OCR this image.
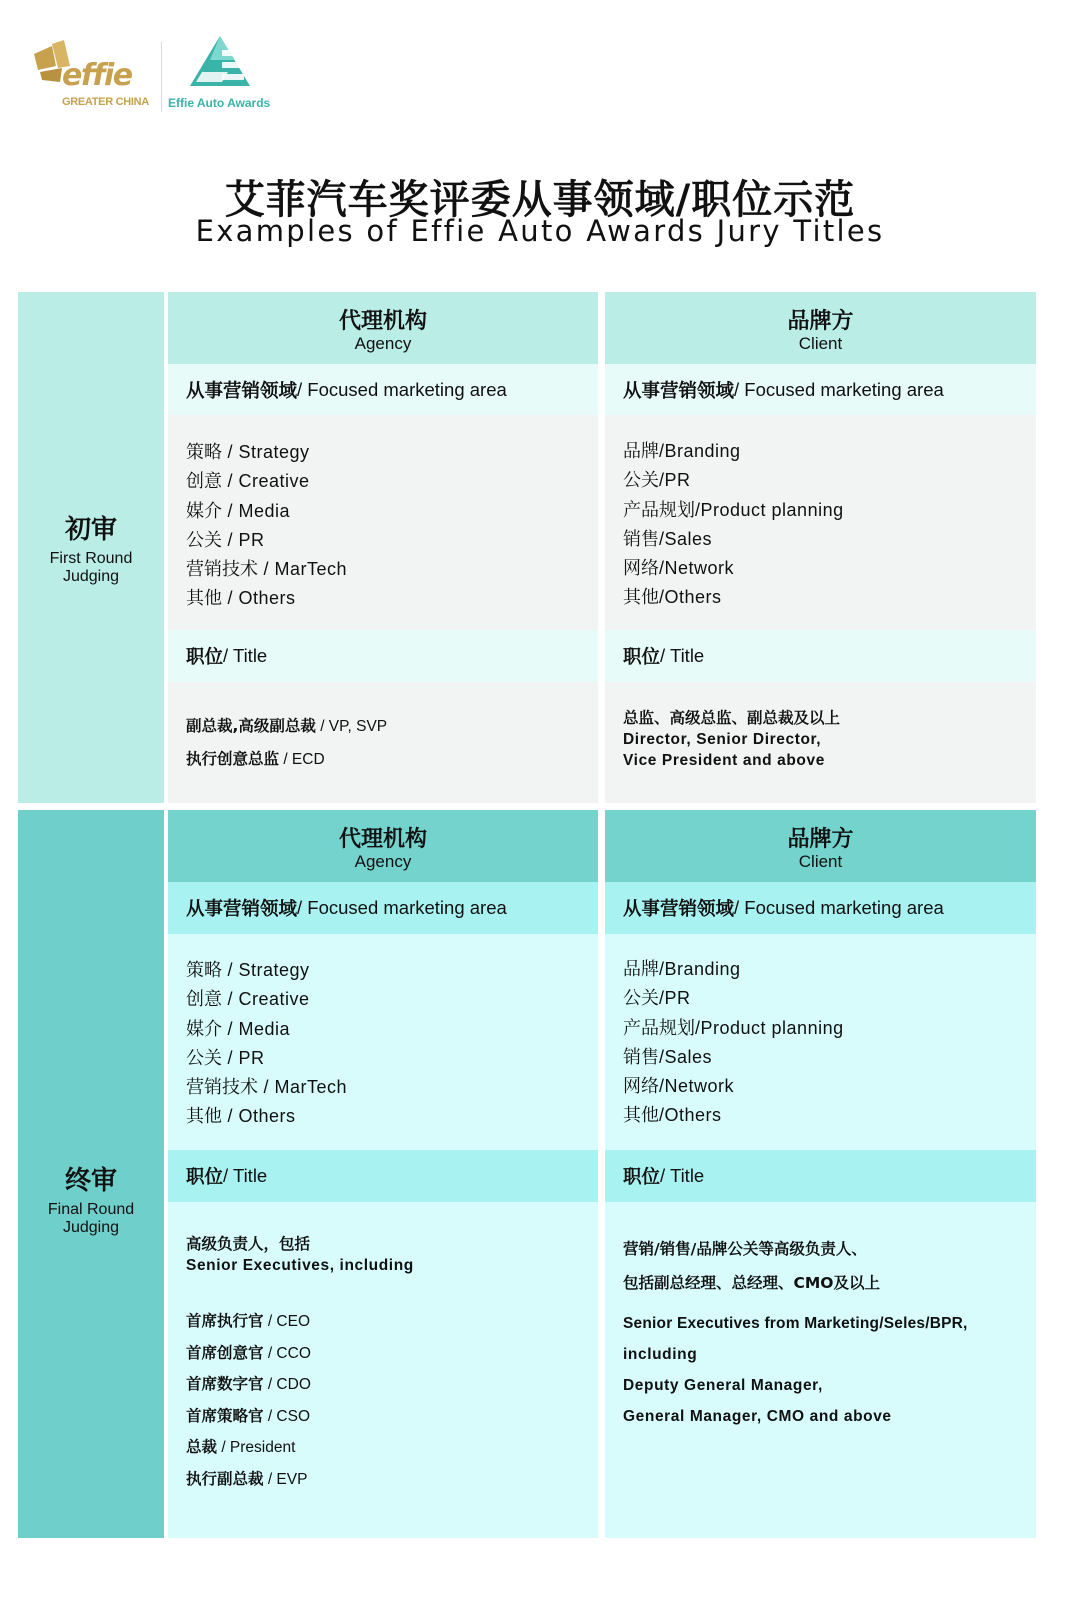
effie
GREATER CHINA Effie Auto Awards
艾菲汽车奖评委从事领域/职位示范
Examples of Effie Auto Awards Jury Titles
初审
First Round
Judging
代理机构
Agency
从事营销领域 / Focused marketing area
策略 / Strategy
创意 / Creative
媒介 / Media
公关 / PR
营销技术 / MarTech
其他 / Others
职位 / Title
副总裁,高级副总裁 / VP, SVP
执行创意总监 / ECD
品牌方
Client
从事营销领域 / Focused marketing area
品牌/Branding
公关/PR
产品规划/Product planning
销售/Sales
网络/Network
其他/Others
职位 / Title
总监、高级总监、副总裁及以上
Director, Senior Director,
Vice President and above
终审
Final Round
Judging
代理机构
Agency
从事营销领域 / Focused marketing area
策略 / Strategy
创意 / Creative
媒介 / Media
公关 / PR
营销技术 / MarTech
其他 / Others
职位 / Title
高级负责人，包括
Senior Executives, including
首席执行官 / CEO
首席创意官 / CCO
首席数字官 / CDO
首席策略官 / CSO
总裁 / President
执行副总裁 / EVP
品牌方
Client
从事营销领域 / Focused marketing area
品牌/Branding
公关/PR
产品规划/Product planning
销售/Sales
网络/Network
其他/Others
职位 / Title
营销/销售/品牌公关等高级负责人、
包括副总经理、总经理、CMO及以上
Senior Executives from Marketing/Seles/BPR,
including
Deputy General Manager,
General Manager, CMO and above
